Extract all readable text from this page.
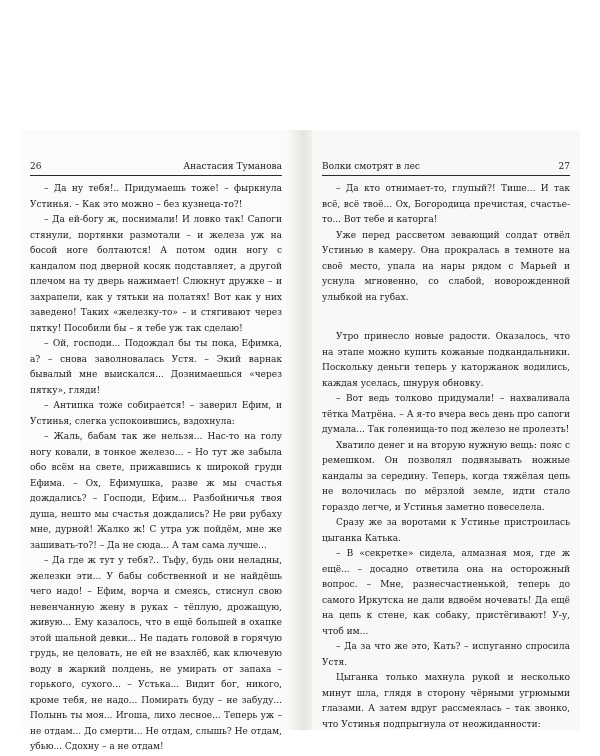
26	Анастасия Туманова

– Да ну тебя!.. Придумаешь тоже! – фыркнула Устинья. – Как это можно – без кузнеца-то?!

– Да ей-богу ж, поснимали! И ловко так! Сапоги стянули, портянки размотали – и железа уж на босой ноге болтаются! А потом один ногу с кандалом под дверной косяк подставляет, а другой плечом на ту дверь нажимает! Слюкнут дружке – и захрапели, как у тятьки на полатях! Вот как у них заведено! Таких «железку-то» – и стягивают через пятку! Пособили бы – я тебе уж так сделаю!

– Ой, господи... Подождал бы ты пока, Ефимка, а? – снова заволновалась Устя. – Экий варнак бывалый мне выискался... Дознимаешься «через пятку», гляди!

– Антипка тоже собирается! – заверил Ефим, и Устинья, слегка успокоившись, вздохнула:

– Жаль, бабам так же нельзя... Нас-то на голу ногу ковали, в тонкое железо... – Но тут же забыла обо всём на свете, прижавшись к широкой груди Ефима. – Ох, Ефимушка, разве ж мы счастья дождались? – Господи, Ефим... Разбойничья твоя душа, нешто мы счастья дождались? Не рви рубаху мне, дурной! Жалко ж! С утра уж пойдём, мне же зашивать-то?! – Да не сюда... А там сама лучше...

– Да где ж тут у тебя?.. Тьфу, будь они неладны, железки эти... У бабы собственной и не найдёшь чего надо! – Ефим, ворча и смеясь, стиснул свою невенчанную жену в руках – тёплую, дрожащую, живую... Ему казалось, что в ещё большей в охапке этой шальной девки... Не падать головой в горячую грудь, не целовать, не ей не взахлёб, как ключевую воду в жаркий полдень, не умирать от запаха – горького, сухого... – Устька... Видит бог, никого, кроме тебя, не надо... Помирать буду – не забуду... Полынь ты моя... Игоша, лихо лесное... Теперь уж – не отдам... До смерти... Не отдам, слышь? Не отдам, убью... Сдохну – а не отдам!

Волки смотрят в лес	27

– Да кто отнимает-то, глупый?! Тише... И так всё, всё твоё... Ох, Богородица пречистая, счастье-то... Вот тебе и каторга!

Уже перед рассветом зевающий солдат отвёл Устинью в камеру. Она прокралась в темноте на своё место, упала на нары рядом с Марьей и уснула мгновенно, со слабой, новорожденной улыбкой на губах.

Утро принесло новые радости. Оказалось, что на этапе можно купить кожаные подкандальники. Поскольку деньги теперь у каторжанок водились, каждая уселась, шнуруя обновку.

– Вот ведь толково придумали! – нахваливала тётка Матрёна. – А я-то вчера весь день про сапоги думала... Так голенища-то под железо не пролезть!

Хватило денег и на вторую нужную вещь: пояс с ремешком. Он позволял подвязывать ножные кандалы за середину. Теперь, когда тяжёлая цепь не волочилась по мёрзлой земле, идти стало гораздо легче, и Устинья заметно повеселела.

Сразу же за воротами к Устинье пристроилась цыганка Катька.

– В «секретке» сидела, алмазная моя, где ж ещё... – досадно ответила она на осторожный вопрос. – Мне, разнесчастненькой, теперь до самого Иркутска не дали вдвоём ночевать! Да ещё на цепь к стене, как собаку, пристёгивают! У-у, чтоб им...

– Да за что же это, Кать? – испуганно спросила Устя.

Цыганка только махнула рукой и несколько минут шла, глядя в сторону чёрными угрюмыми глазами. А затем вдруг рассмеялась – так звонко, что Устинья подпрыгнула от неожиданности:
